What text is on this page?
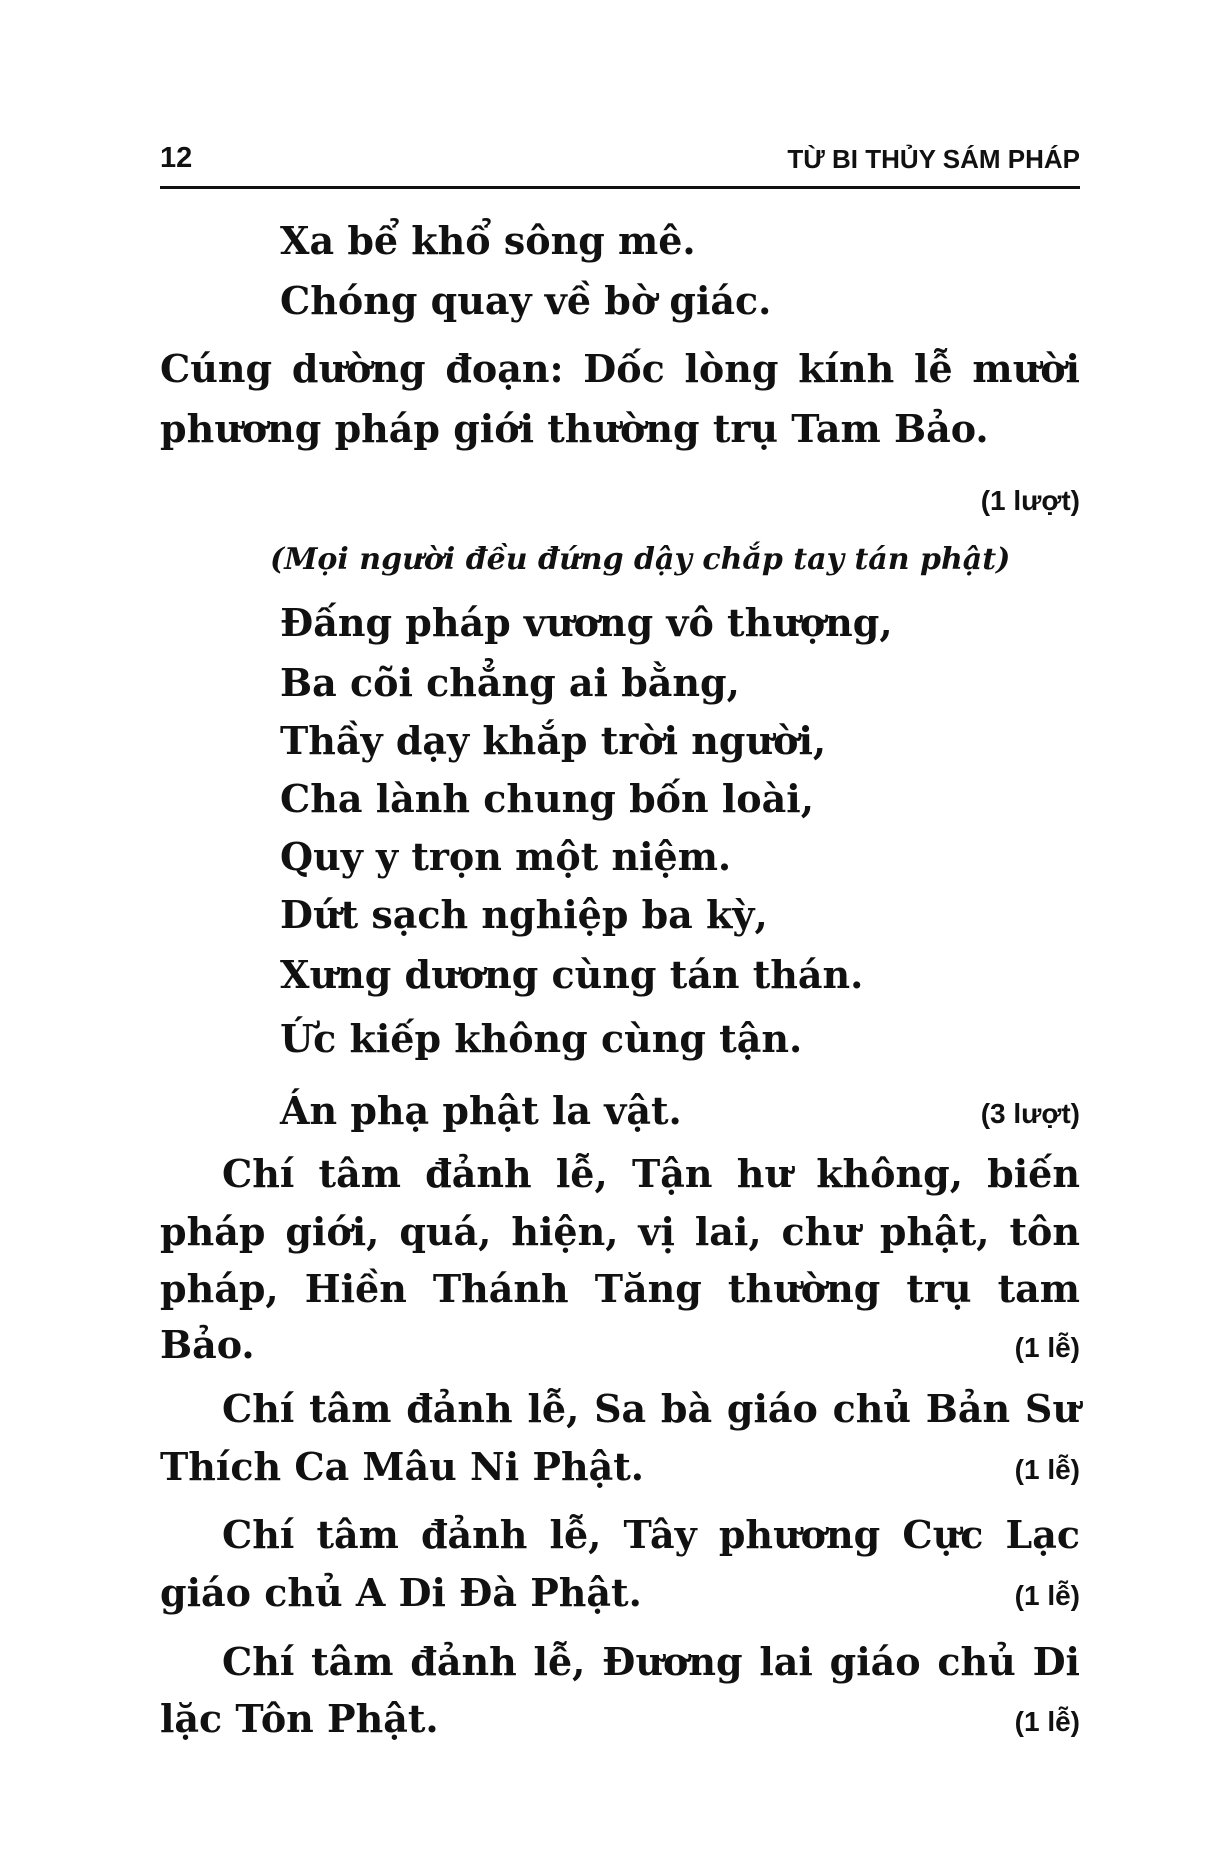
12	TỪ BI THỦY SÁM PHÁP
Xa bể khổ sông mê.
Chóng quay về bờ giác.
Cúng dường đoạn: Dốc lòng kính lễ mười
phương pháp giới thường trụ Tam Bảo.
(1 lượt)
(Mọi người đều đứng dậy chắp tay tán phật)
Đấng pháp vương vô thượng,
Ba cõi chẳng ai bằng,
Thầy dạy khắp trời người,
Cha lành chung bốn loài,
Quy y trọn một niệm.
Dứt sạch nghiệp ba kỳ,
Xưng dương cùng tán thán.
Ức kiếp không cùng tận.
Án phạ phật la vật.	(3 lượt)
Chí tâm đảnh lễ, Tận hư không, biến
pháp giới, quá, hiện, vị lai, chư phật, tôn
pháp, Hiền Thánh Tăng thường trụ tam
Bảo.	(1 lễ)
Chí tâm đảnh lễ, Sa bà giáo chủ Bản Sư
Thích Ca Mâu Ni Phật.	(1 lễ)
Chí tâm đảnh lễ, Tây phương Cực Lạc
giáo chủ A Di Đà Phật.	(1 lễ)
Chí tâm đảnh lễ, Đương lai giáo chủ Di
lặc Tôn Phật.	(1 lễ)
